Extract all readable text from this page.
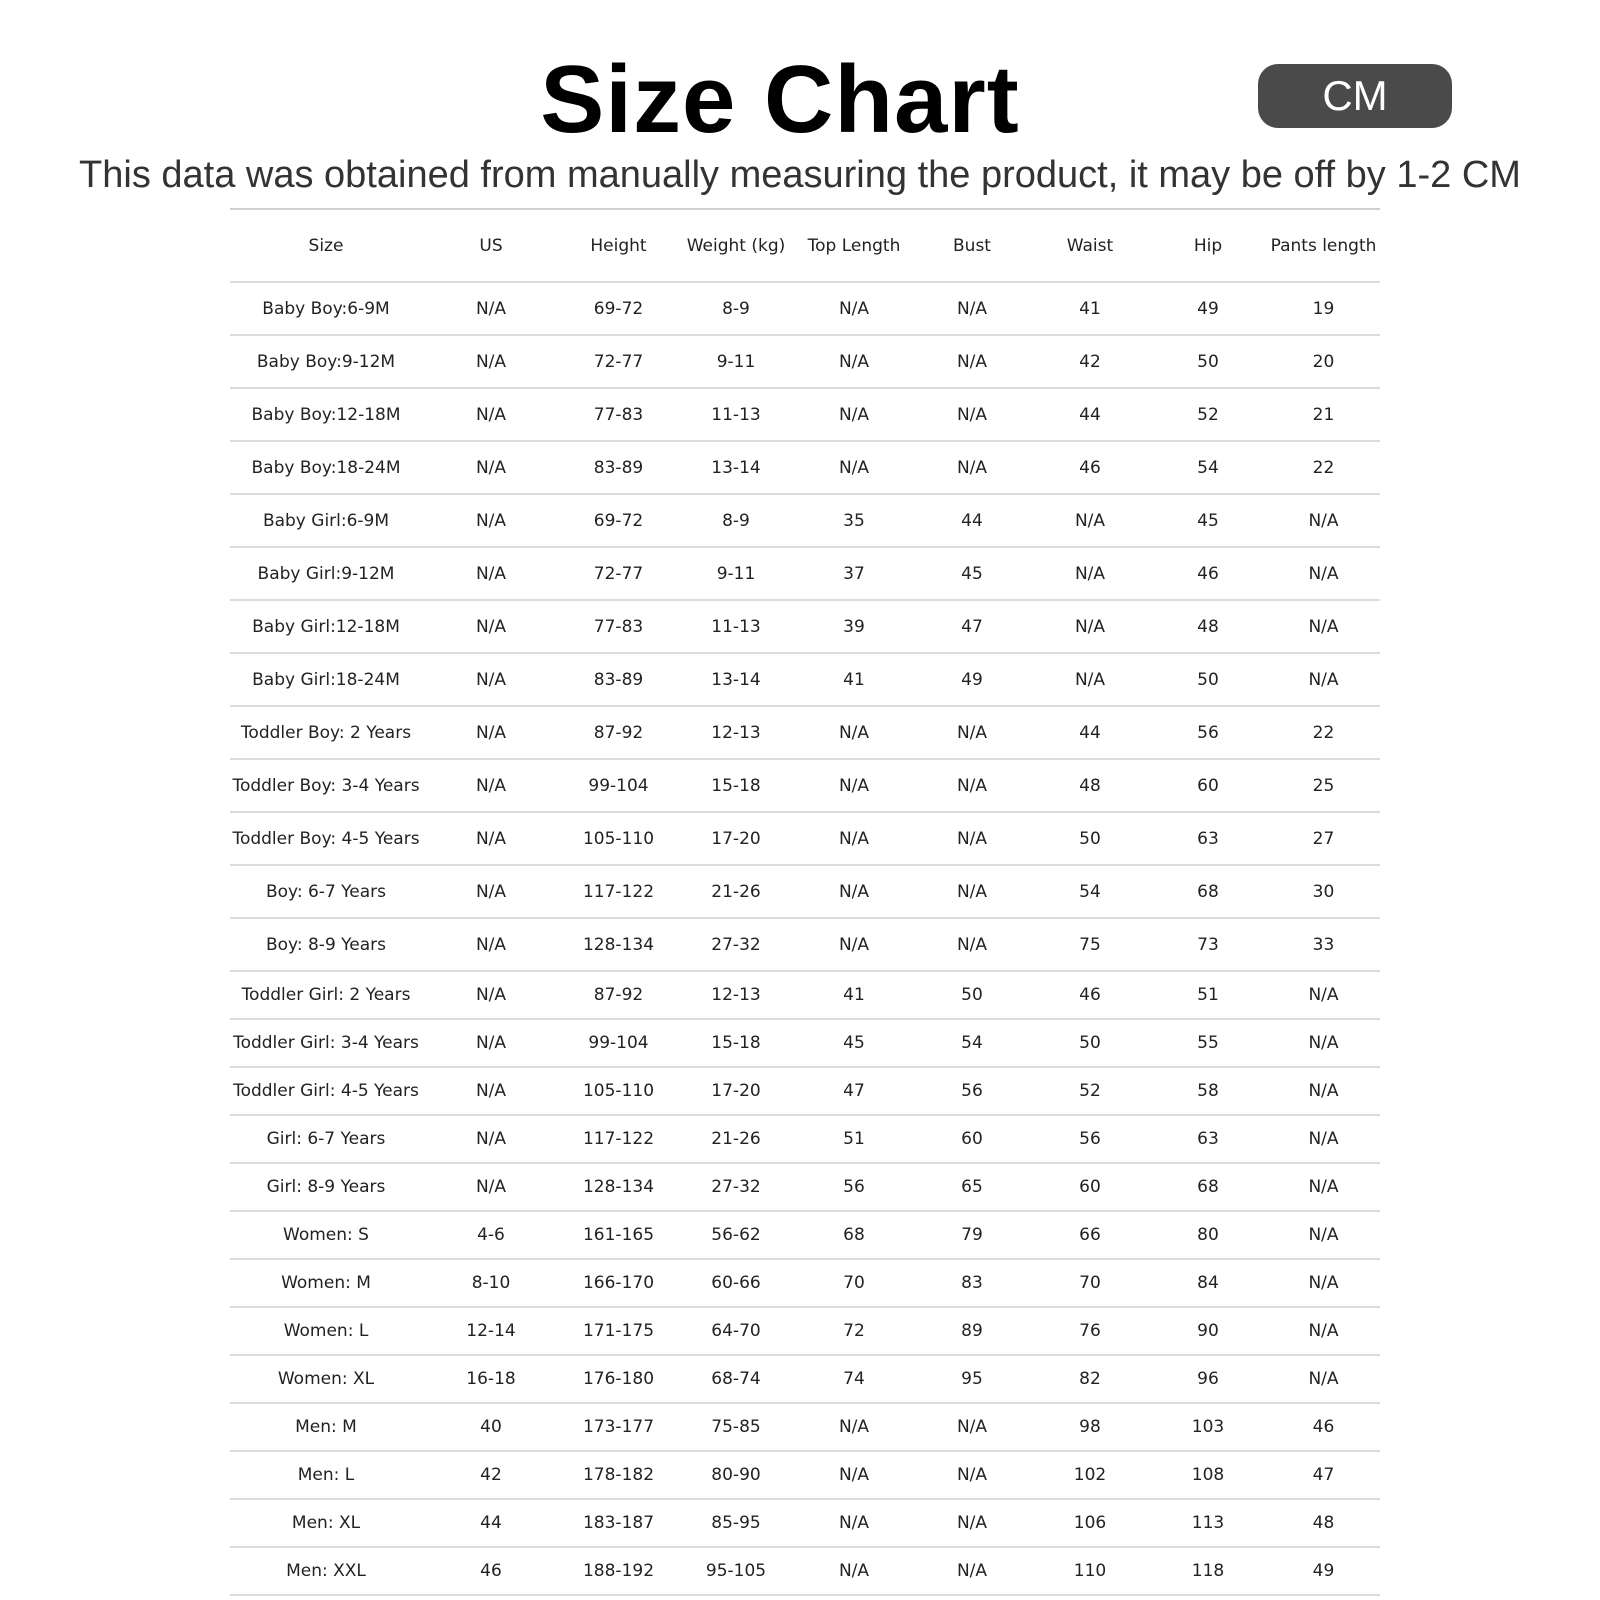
Size Chart	CM
This data was obtained from manually measuring the product, it may be off by 1-2 CM
Size	US	Height	Weight (kg)	Top Length	Bust	Waist	Hip	Pants length
Baby Boy:6-9M	N/A	69-72	8-9	N/A	N/A	41	49	19
Baby Boy:9-12M	N/A	72-77	9-11	N/A	N/A	42	50	20
Baby Boy:12-18M	N/A	77-83	11-13	N/A	N/A	44	52	21
Baby Boy:18-24M	N/A	83-89	13-14	N/A	N/A	46	54	22
Baby Girl:6-9M	N/A	69-72	8-9	35	44	N/A	45	N/A
Baby Girl:9-12M	N/A	72-77	9-11	37	45	N/A	46	N/A
Baby Girl:12-18M	N/A	77-83	11-13	39	47	N/A	48	N/A
Baby Girl:18-24M	N/A	83-89	13-14	41	49	N/A	50	N/A
Toddler Boy: 2 Years	N/A	87-92	12-13	N/A	N/A	44	56	22
Toddler Boy: 3-4 Years	N/A	99-104	15-18	N/A	N/A	48	60	25
Toddler Boy: 4-5 Years	N/A	105-110	17-20	N/A	N/A	50	63	27
Boy: 6-7 Years	N/A	117-122	21-26	N/A	N/A	54	68	30
Boy: 8-9 Years	N/A	128-134	27-32	N/A	N/A	75	73	33
Toddler Girl: 2 Years	N/A	87-92	12-13	41	50	46	51	N/A
Toddler Girl: 3-4 Years	N/A	99-104	15-18	45	54	50	55	N/A
Toddler Girl: 4-5 Years	N/A	105-110	17-20	47	56	52	58	N/A
Girl: 6-7 Years	N/A	117-122	21-26	51	60	56	63	N/A
Girl: 8-9 Years	N/A	128-134	27-32	56	65	60	68	N/A
Women: S	4-6	161-165	56-62	68	79	66	80	N/A
Women: M	8-10	166-170	60-66	70	83	70	84	N/A
Women: L	12-14	171-175	64-70	72	89	76	90	N/A
Women: XL	16-18	176-180	68-74	74	95	82	96	N/A
Men: M	40	173-177	75-85	N/A	N/A	98	103	46
Men: L	42	178-182	80-90	N/A	N/A	102	108	47
Men: XL	44	183-187	85-95	N/A	N/A	106	113	48
Men: XXL	46	188-192	95-105	N/A	N/A	110	118	49
